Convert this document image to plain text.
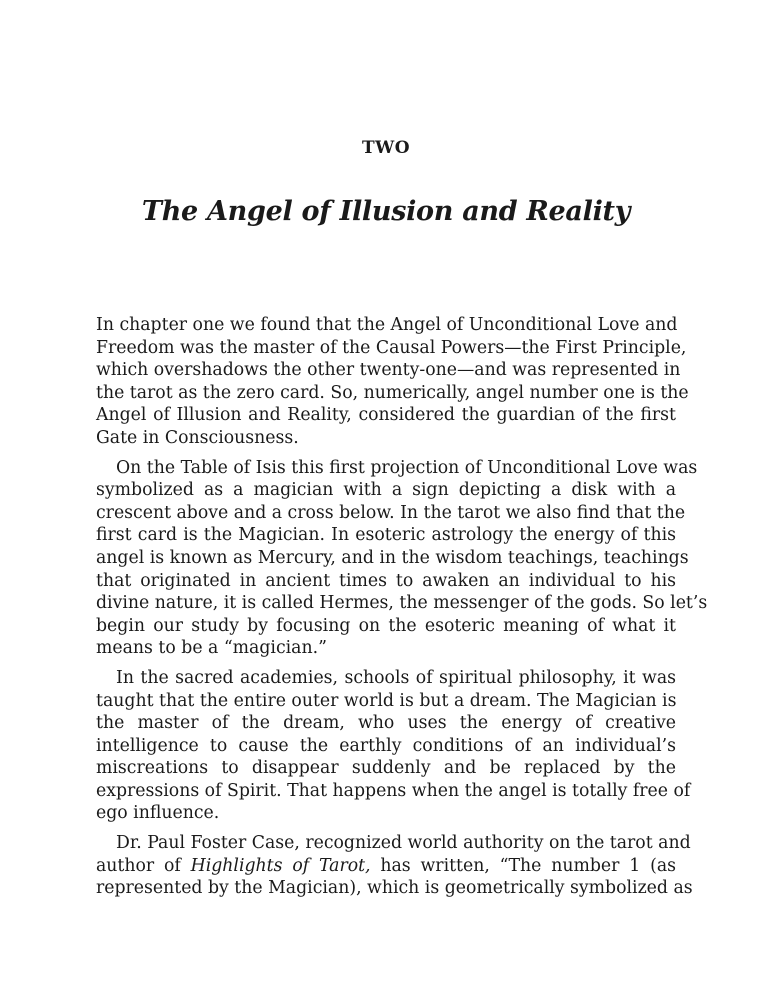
TWO
The Angel of Illusion and Reality

In chapter one we found that the Angel of Unconditional Love and
Freedom was the master of the Causal Powers—the First Principle,
which overshadows the other twenty-one—and was represented in
the tarot as the zero card. So, numerically, angel number one is the
Angel of Illusion and Reality, considered the guardian of the first
Gate in Consciousness.

On the Table of Isis this first projection of Unconditional Love was
symbolized as a magician with a sign depicting a disk with a
crescent above and a cross below. In the tarot we also find that the
first card is the Magician. In esoteric astrology the energy of this
angel is known as Mercury, and in the wisdom teachings, teachings
that originated in ancient times to awaken an individual to his
divine nature, it is called Hermes, the messenger of the gods. So let’s
begin our study by focusing on the esoteric meaning of what it
means to be a “magician.”

In the sacred academies, schools of spiritual philosophy, it was
taught that the entire outer world is but a dream. The Magician is
the master of the dream, who uses the energy of creative
intelligence to cause the earthly conditions of an individual’s
miscreations to disappear suddenly and be replaced by the
expressions of Spirit. That happens when the angel is totally free of
ego influence.

Dr. Paul Foster Case, recognized world authority on the tarot and
author of Highlights of Tarot, has written, “The number 1 (as
represented by the Magician), which is geometrically symbolized as
